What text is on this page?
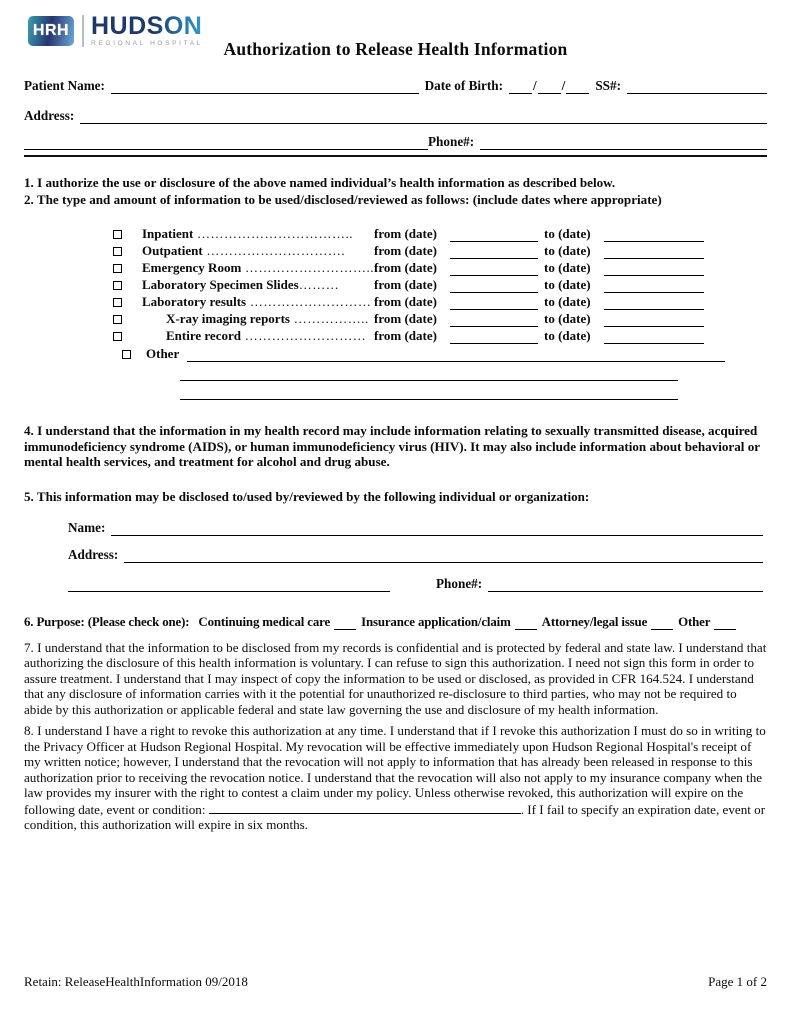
HRH HUDSON
REGIONAL HOSPITAL	Authorization to Release Health Information
Patient Name:	Date of Birth: / / SS#:
Address:
Phone#:
1. I authorize the use or disclosure of the above named individual’s health information as described below.
2. The type and amount of information to be used/disclosed/reviewed as follows: (include dates where appropriate)
Inpatient ……………………………..	from (date)	to (date)
Outpatient ………………………….	from (date)	to (date)
Emergency Room ……………………….. from (date)	to (date)
Laboratory Specimen Slides………	from (date)	to (date)
Laboratory results ……………………… from (date)	to (date)
X-ray imaging reports …………….. from (date)	to (date)
Entire record ……………………… from (date)	to (date)
Other

4. I understand that the information in my health record may include information relating to sexually transmitted disease, acquired immunodeficiency syndrome (AIDS), or human immunodeficiency virus (HIV). It may also include information about behavioral or mental health services, and treatment for alcohol and drug abuse.

5. This information may be disclosed to/used by/reviewed by the following individual or organization:

Name:
Address:
Phone#:
6. Purpose: (Please check one): Continuing medical care Insurance application/claim Attorney/legal issue Other

7. I understand that the information to be disclosed from my records is confidential and is protected by federal and state law. I understand that authorizing the disclosure of this health information is voluntary. I can refuse to sign this authorization. I need not sign this form in order to assure treatment. I understand that I may inspect of copy the information to be used or disclosed, as provided in CFR 164.524. I understand that any disclosure of information carries with it the potential for unauthorized re-disclosure to third parties, who may not be required to abide by this authorization or applicable federal and state law governing the use and disclosure of my health information.

8. I understand I have a right to revoke this authorization at any time. I understand that if I revoke this authorization I must do so in writing to the Privacy Officer at Hudson Regional Hospital. My revocation will be effective immediately upon Hudson Regional Hospital's receipt of my written notice; however, I understand that the revocation will not apply to information that has already been released in response to this authorization prior to receiving the revocation notice. I understand that the revocation will also not apply to my insurance company when the law provides my insurer with the right to contest a claim under my policy. Unless otherwise revoked, this authorization will expire on the following date, event or condition:	. If I fail to specify an expiration date, event or condition, this authorization will expire in six months.

Retain: ReleaseHealthInformation 09/2018	Page 1 of 2
